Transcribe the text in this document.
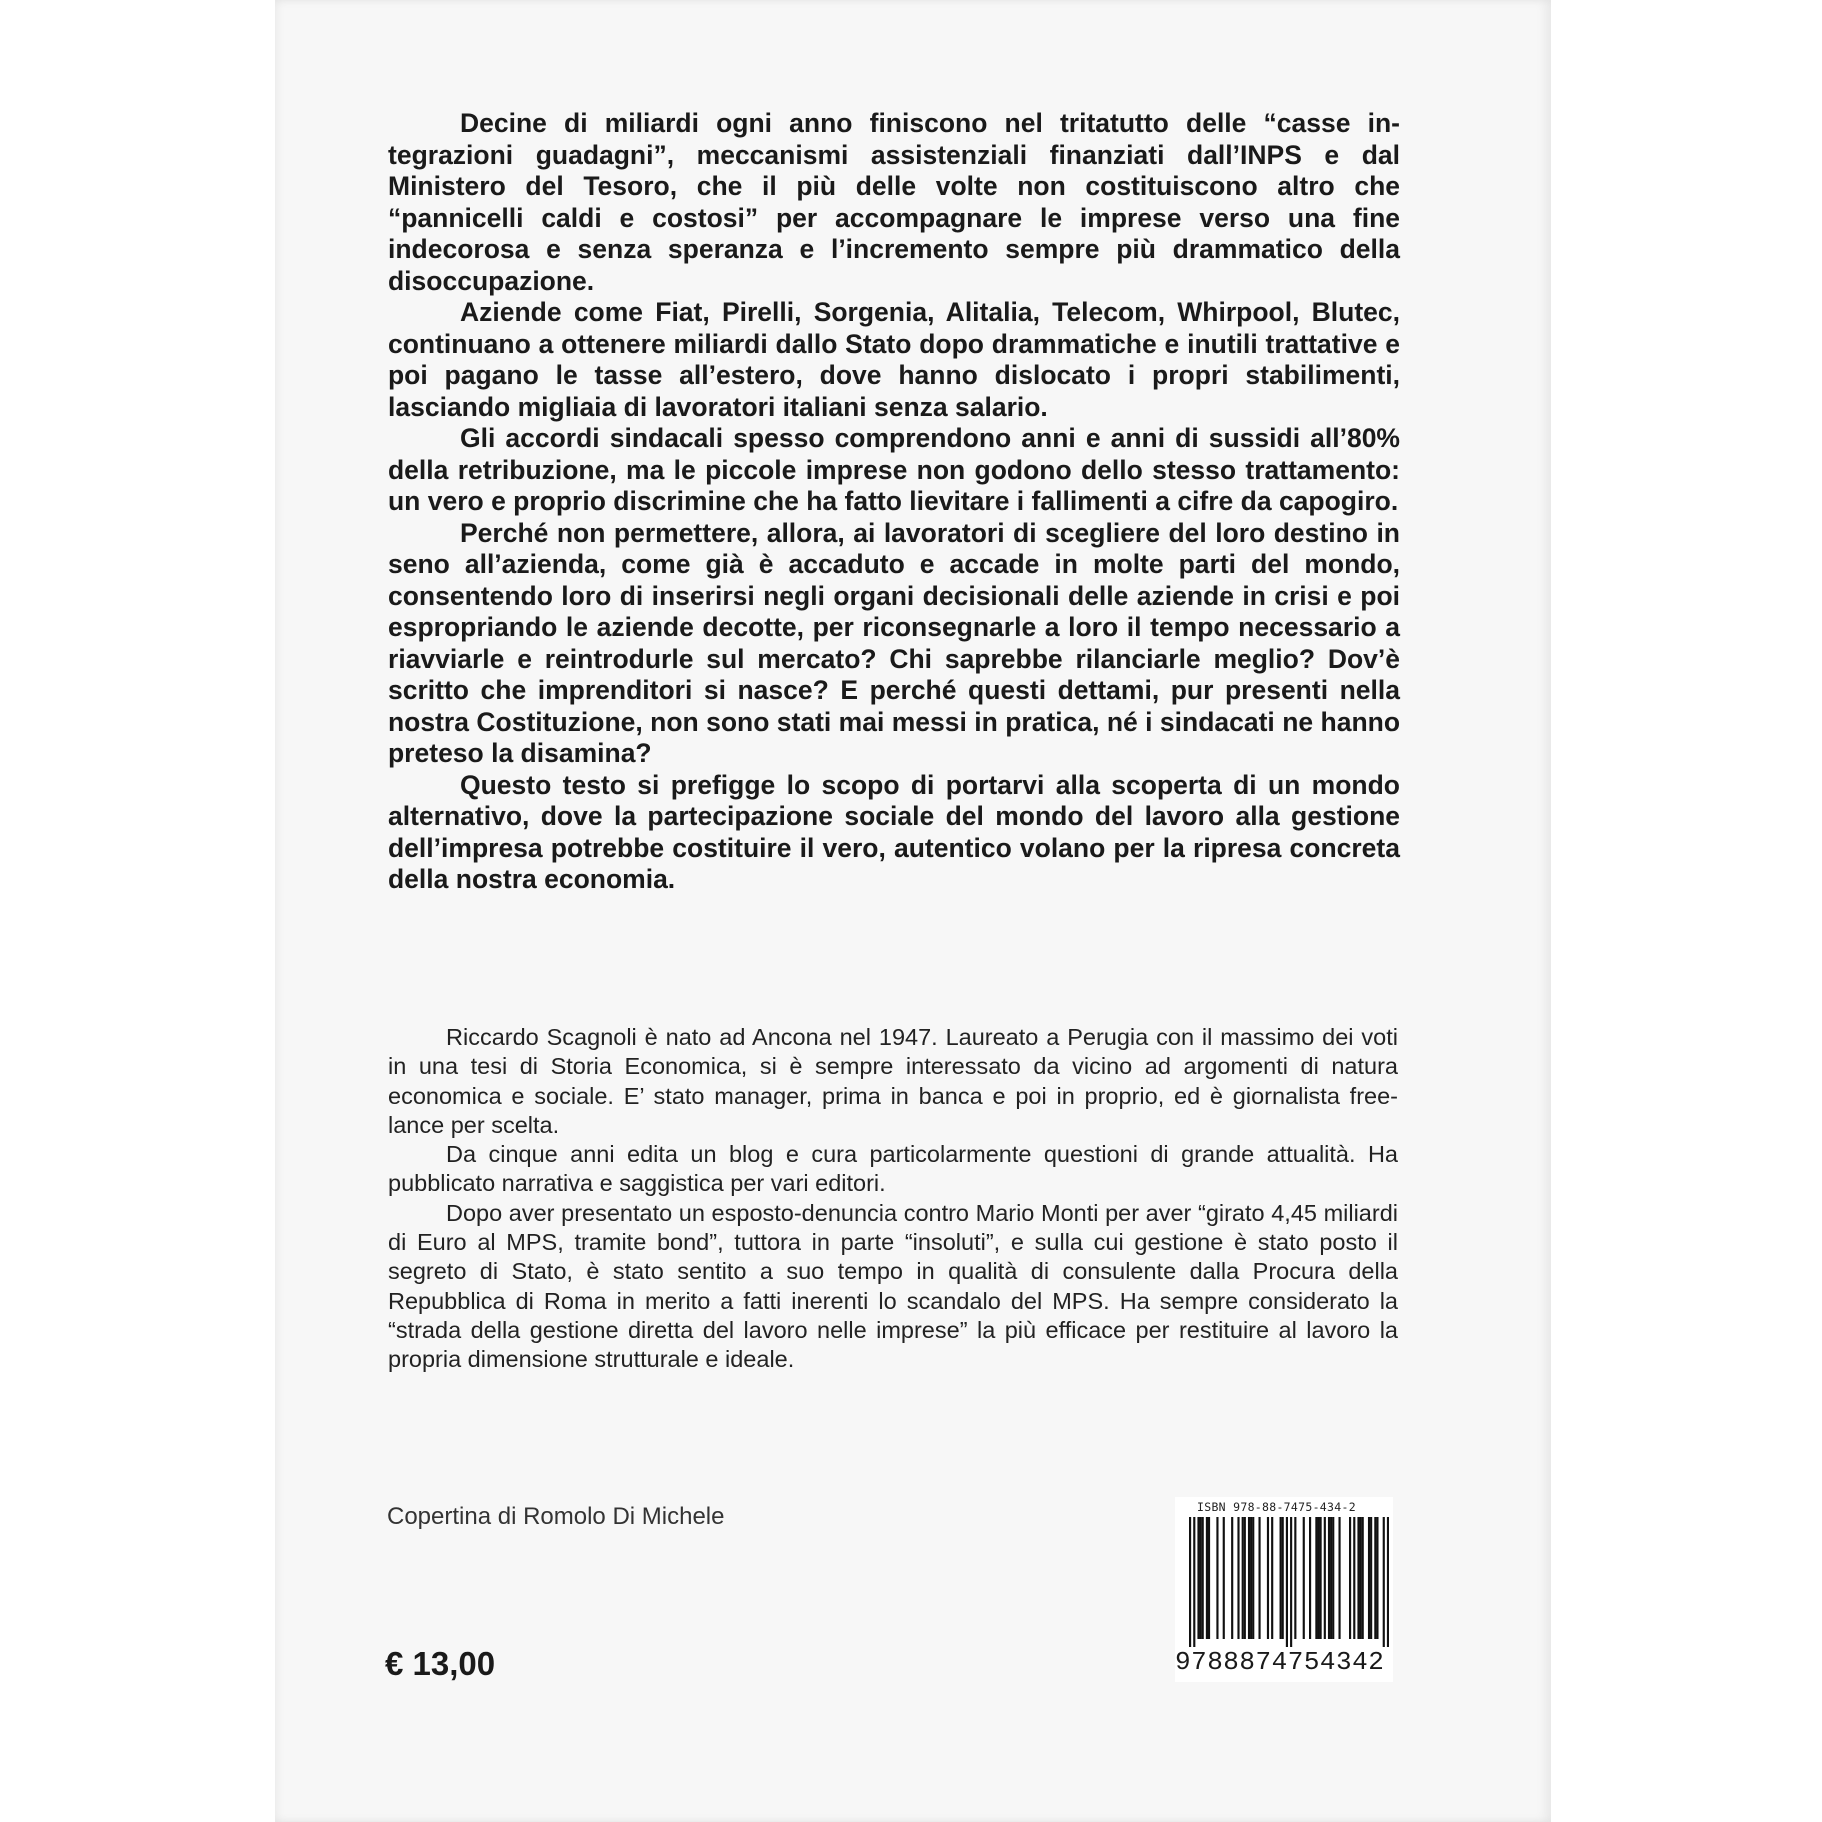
Decine di miliardi ogni anno finiscono nel tritatutto delle “casse integrazioni guadagni”, meccanismi assistenziali finanziati dall’INPS e dal Ministero del Tesoro, che il più delle volte non costituiscono altro che “pannicelli caldi e costosi” per accompagnare le imprese verso una fine indecorosa e senza speranza e l’incremento sempre più drammatico della disoccupazione.

Aziende come Fiat, Pirelli, Sorgenia, Alitalia, Telecom, Whirpool, Blutec, continuano a ottenere miliardi dallo Stato dopo drammatiche e inutili trattative e poi pagano le tasse all’estero, dove hanno dislocato i propri stabilimenti, lasciando migliaia di lavoratori italiani senza salario.

Gli accordi sindacali spesso comprendono anni e anni di sussidi all’80% della retribuzione, ma le piccole imprese non godono dello stesso trattamento: un vero e proprio discrimine che ha fatto lievitare i fallimenti a cifre da capogiro.

Perché non permettere, allora, ai lavoratori di scegliere del loro destino in seno all’azienda, come già è accaduto e accade in molte parti del mondo, consentendo loro di inserirsi negli organi decisionali delle aziende in crisi e poi espropriando le aziende decotte, per riconsegnarle a loro il tempo necessario a riavviarle e reintrodurle sul mercato? Chi saprebbe rilanciarle meglio? Dov’è scritto che imprenditori si nasce? E perché questi dettami, pur presenti nella nostra Costituzione, non sono stati mai messi in pratica, né i sindacati ne hanno preteso la disamina?

Questo testo si prefigge lo scopo di portarvi alla scoperta di un mondo alternativo, dove la partecipazione sociale del mondo del lavoro alla gestione dell’impresa potrebbe costituire il vero, autentico volano per la ripresa concreta della nostra economia.

Riccardo Scagnoli è nato ad Ancona nel 1947. Laureato a Perugia con il massimo dei voti in una tesi di Storia Economica, si è sempre interessato da vicino ad argomenti di natura economica e sociale. E’ stato manager, prima in banca e poi in proprio, ed è giornalista free-lance per scelta.

Da cinque anni edita un blog e cura particolarmente questioni di grande attualità. Ha pubblicato narrativa e saggistica per vari editori.

Dopo aver presentato un esposto-denuncia contro Mario Monti per aver “girato 4,45 miliardi di Euro al MPS, tramite bond”, tuttora in parte “insoluti”, e sulla cui gestione è stato posto il segreto di Stato, è stato sentito a suo tempo in qualità di consulente dalla Procura della Repubblica di Roma in merito a fatti inerenti lo scandalo del MPS. Ha sempre considerato la “strada della gestione diretta del lavoro nelle imprese” la più efficace per restituire al lavoro la propria dimensione strutturale e ideale.

Copertina di Romolo Di Michele
€ 13,00
ISBN 978-88-7475-434-2
9788874754342
